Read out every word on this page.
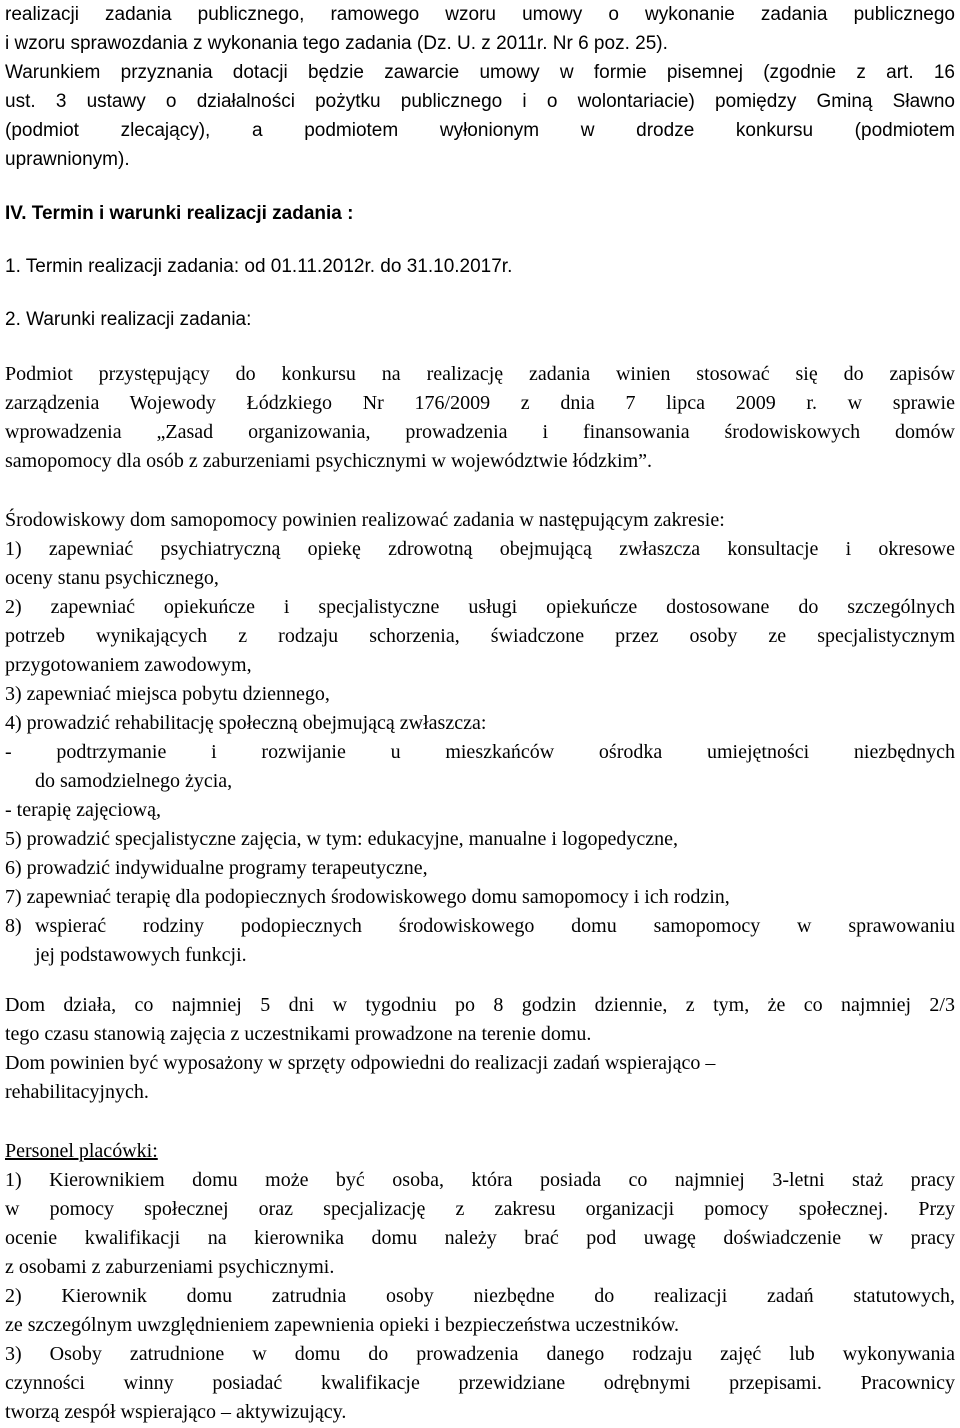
realizacji zadania publicznego, ramowego wzoru umowy o wykonanie zadania publicznego
i wzoru sprawozdania z wykonania tego zadania (Dz. U. z 2011r. Nr 6 poz. 25).
Warunkiem przyznania dotacji będzie zawarcie umowy w formie pisemnej (zgodnie z art. 16
ust. 3 ustawy o działalności pożytku publicznego i o wolontariacie) pomiędzy Gminą Sławno
(podmiot zlecający), a podmiotem wyłonionym w drodze konkursu (podmiotem
uprawnionym).
IV. Termin i warunki realizacji zadania :
1. Termin realizacji zadania: od 01.11.2012r. do 31.10.2017r.
2. Warunki realizacji zadania:
Podmiot przystępujący do konkursu na realizację zadania winien stosować się do zapisów
zarządzenia Wojewody Łódzkiego Nr 176/2009 z dnia 7 lipca 2009 r. w sprawie
wprowadzenia „Zasad organizowania, prowadzenia i finansowania środowiskowych domów
samopomocy dla osób z zaburzeniami psychicznymi w województwie łódzkim”.
Środowiskowy dom samopomocy powinien realizować zadania w następującym zakresie:
1) zapewniać psychiatryczną opiekę zdrowotną obejmującą zwłaszcza konsultacje i okresowe
oceny stanu psychicznego,
2) zapewniać opiekuńcze i specjalistyczne usługi opiekuńcze dostosowane do szczególnych
potrzeb wynikających z rodzaju schorzenia, świadczone przez osoby ze specjalistycznym
przygotowaniem zawodowym,
3) zapewniać miejsca pobytu dziennego,
4) prowadzić rehabilitację społeczną obejmującą zwłaszcza:
- podtrzymanie i rozwijanie u mieszkańców ośrodka umiejętności niezbędnych
do samodzielnego życia,
- terapię zajęciową,
5) prowadzić specjalistyczne zajęcia, w tym: edukacyjne, manualne i logopedyczne,
6) prowadzić indywidualne programy terapeutyczne,
7) zapewniać terapię dla podopiecznych środowiskowego domu samopomocy i ich rodzin,
8) wspierać rodziny podopiecznych środowiskowego domu samopomocy w sprawowaniu
jej podstawowych funkcji.
Dom działa, co najmniej 5 dni w tygodniu po 8 godzin dziennie, z tym, że co najmniej 2/3
tego czasu stanowią zajęcia z uczestnikami prowadzone na terenie domu.
Dom powinien być wyposażony w sprzęty odpowiedni do realizacji zadań wspierająco –
rehabilitacyjnych.
Personel placówki:
1) Kierownikiem domu może być osoba, która posiada co najmniej 3-letni staż pracy
w pomocy społecznej oraz specjalizację z zakresu organizacji pomocy społecznej. Przy
ocenie kwalifikacji na kierownika domu należy brać pod uwagę doświadczenie w pracy
z osobami z zaburzeniami psychicznymi.
2) Kierownik domu zatrudnia osoby niezbędne do realizacji zadań statutowych,
ze szczególnym uwzględnieniem zapewnienia opieki i bezpieczeństwa uczestników.
3) Osoby zatrudnione w domu do prowadzenia danego rodzaju zajęć lub wykonywania
czynności winny posiadać kwalifikacje przewidziane odrębnymi przepisami. Pracownicy
tworzą zespół wspierająco – aktywizujący.
